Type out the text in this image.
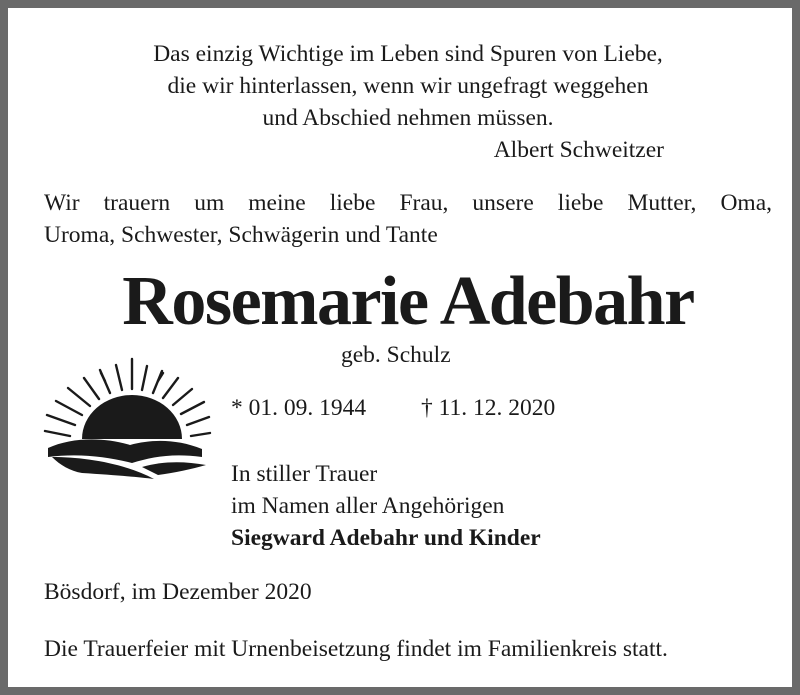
Das einzig Wichtige im Leben sind Spuren von Liebe,

die wir hinterlassen, wenn wir ungefragt weggehen

und Abschied nehmen müssen.

Albert Schweitzer

Wir trauern um meine liebe Frau, unsere liebe Mutter, Oma,

Uroma, Schwester, Schwägerin und Tante

Rosemarie Adebahr

geb. Schulz

* 01. 09. 1944 † 11. 12. 2020

In stiller Trauer

im Namen aller Angehörigen

Siegward Adebahr und Kinder

Bösdorf, im Dezember 2020

Die Trauerfeier mit Urnenbeisetzung findet im Familienkreis statt.
